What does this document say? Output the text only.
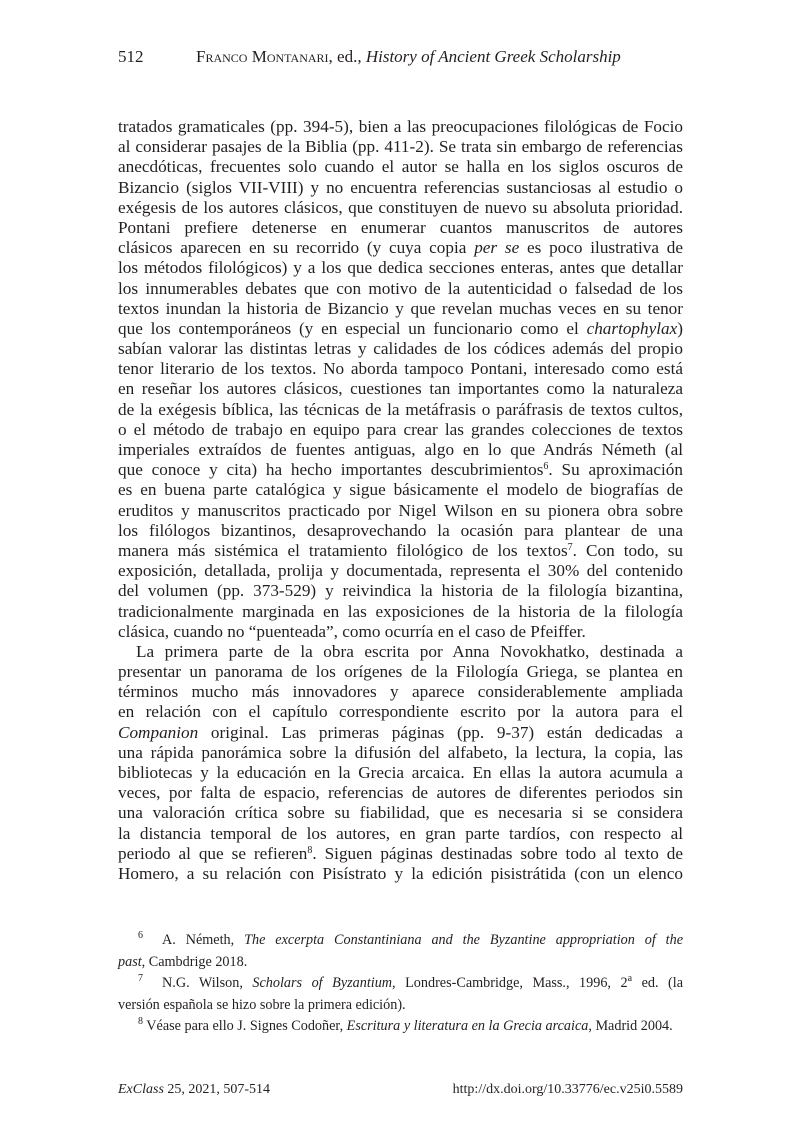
512	Franco Montanari, ed., History of Ancient Greek Scholarship
tratados gramaticales (pp. 394-5), bien a las preocupaciones filológicas de Focio
al considerar pasajes de la Biblia (pp. 411-2). Se trata sin embargo de referencias
anecdóticas, frecuentes solo cuando el autor se halla en los siglos oscuros de
Bizancio (siglos VII-VIII) y no encuentra referencias sustanciosas al estudio o
exégesis de los autores clásicos, que constituyen de nuevo su absoluta prioridad.
Pontani prefiere detenerse en enumerar cuantos manuscritos de autores
clásicos aparecen en su recorrido (y cuya copia per se es poco ilustrativa de
los métodos filológicos) y a los que dedica secciones enteras, antes que detallar
los innumerables debates que con motivo de la autenticidad o falsedad de los
textos inundan la historia de Bizancio y que revelan muchas veces en su tenor
que los contemporáneos (y en especial un funcionario como el chartophylax)
sabían valorar las distintas letras y calidades de los códices además del propio
tenor literario de los textos. No aborda tampoco Pontani, interesado como está
en reseñar los autores clásicos, cuestiones tan importantes como la naturaleza
de la exégesis bíblica, las técnicas de la metáfrasis o paráfrasis de textos cultos,
o el método de trabajo en equipo para crear las grandes colecciones de textos
imperiales extraídos de fuentes antiguas, algo en lo que András Németh (al
que conoce y cita) ha hecho importantes descubrimientos$^6$. Su aproximación
es en buena parte catalógica y sigue básicamente el modelo de biografías de
eruditos y manuscritos practicado por Nigel Wilson en su pionera obra sobre
los filólogos bizantinos, desaprovechando la ocasión para plantear de una
manera más sistémica el tratamiento filológico de los textos$^7$. Con todo, su
exposición, detallada, prolija y documentada, representa el 30% del contenido
del volumen (pp. 373-529) y reivindica la historia de la filología bizantina,
tradicionalmente marginada en las exposiciones de la historia de la filología
clásica, cuando no “puenteada”, como ocurría en el caso de Pfeiffer.
La primera parte de la obra escrita por Anna Novokhatko, destinada a
presentar un panorama de los orígenes de la Filología Griega, se plantea en
términos mucho más innovadores y aparece considerablemente ampliada
en relación con el capítulo correspondiente escrito por la autora para el
Companion original. Las primeras páginas (pp. 9-37) están dedicadas a
una rápida panorámica sobre la difusión del alfabeto, la lectura, la copia, las
bibliotecas y la educación en la Grecia arcaica. En ellas la autora acumula a
veces, por falta de espacio, referencias de autores de diferentes periodos sin
una valoración crítica sobre su fiabilidad, que es necesaria si se considera
la distancia temporal de los autores, en gran parte tardíos, con respecto al
periodo al que se refieren$^8$. Siguen páginas destinadas sobre todo al texto de
Homero, a su relación con Pisístrato y la edición pisistrátida (con un elenco
$^6$  A. Németh, The excerpta Constantiniana and the Byzantine appropriation of the
past, Cambdrige 2018.
$^7$  N.G. Wilson, Scholars of Byzantium, Londres-Cambridge, Mass., 1996, 2$^a$ ed. (la
versión española se hizo sobre la primera edición).
$^8$ Véase para ello J. Signes Codoñer, Escritura y literatura en la Grecia arcaica, Madrid 2004.
ExClass 25, 2021, 507-514	http://dx.doi.org/10.33776/ec.v25i0.5589
